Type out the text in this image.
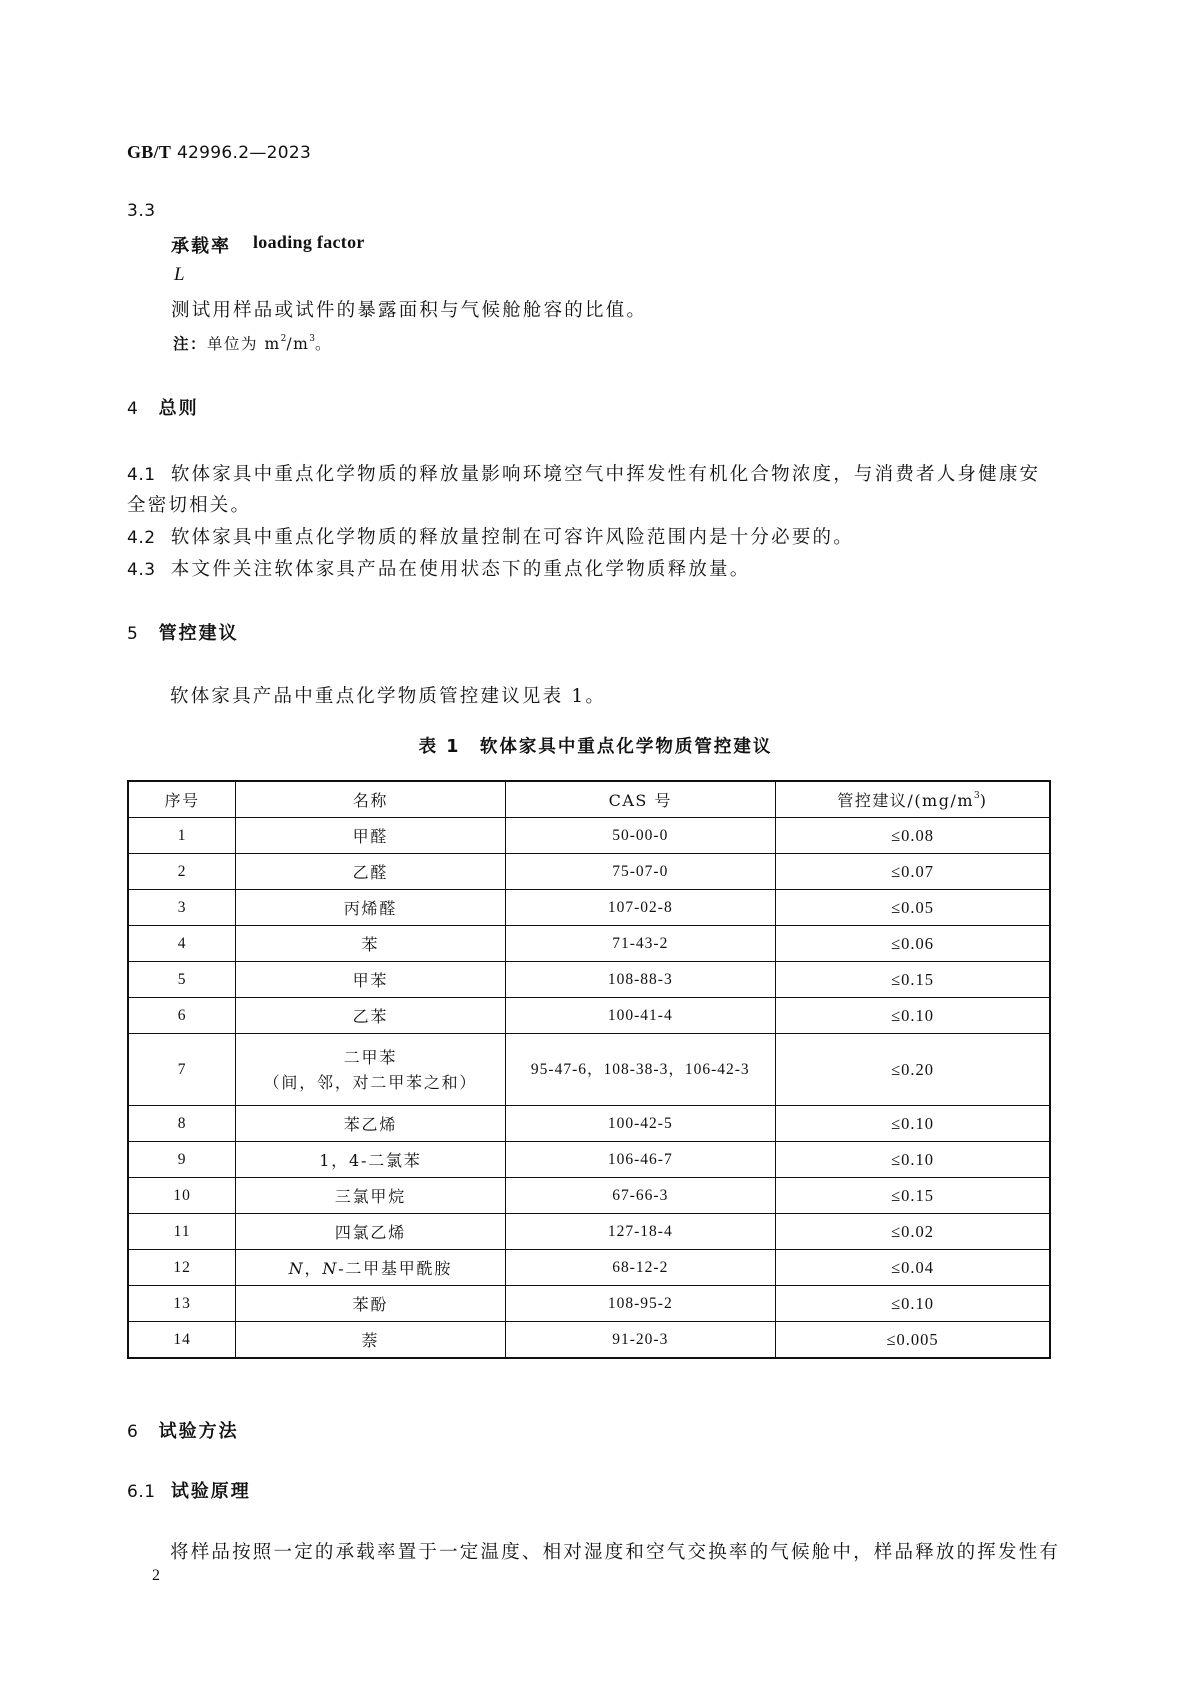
GB/T 42996.2—2023
3.3
承载率 loading factor
L
测试用样品或试件的暴露面积与气候舱舱容的比值。
注：单位为 $m^2/m^3$。
4 总则
4.1 软体家具中重点化学物质的释放量影响环境空气中挥发性有机化合物浓度，与消费者人身健康安
全密切相关。
4.2 软体家具中重点化学物质的释放量控制在可容许风险范围内是十分必要的。
4.3 本文件关注软体家具产品在使用状态下的重点化学物质释放量。
5 管控建议
软体家具产品中重点化学物质管控建议见表 1。
表 1　软体家具中重点化学物质管控建议
序号	名称	CAS 号	管控建议$/(mg/m^3)$
1	甲醛	50-00-0	≤0.08
2	乙醛	75-07-0	≤0.07
3	丙烯醛	107-02-8	≤0.05
4	苯	71-43-2	≤0.06
5	甲苯	108-88-3	≤0.15
6	乙苯	100-41-4	≤0.10
7	二甲苯
（间，邻，对二甲苯之和）	95-47-6，108-38-3，106-42-3	≤0.20
8	苯乙烯	100-42-5	≤0.10
9	1，4-二氯苯	106-46-7	≤0.10
10	三氯甲烷	67-66-3	≤0.15
11	四氯乙烯	127-18-4	≤0.02
12	N，N-二甲基甲酰胺	68-12-2	≤0.04
13	苯酚	108-95-2	≤0.10
14	萘	91-20-3	≤0.005
6 试验方法
6.1 试验原理
将样品按照一定的承载率置于一定温度、相对湿度和空气交换率的气候舱中，样品释放的挥发性有
2
